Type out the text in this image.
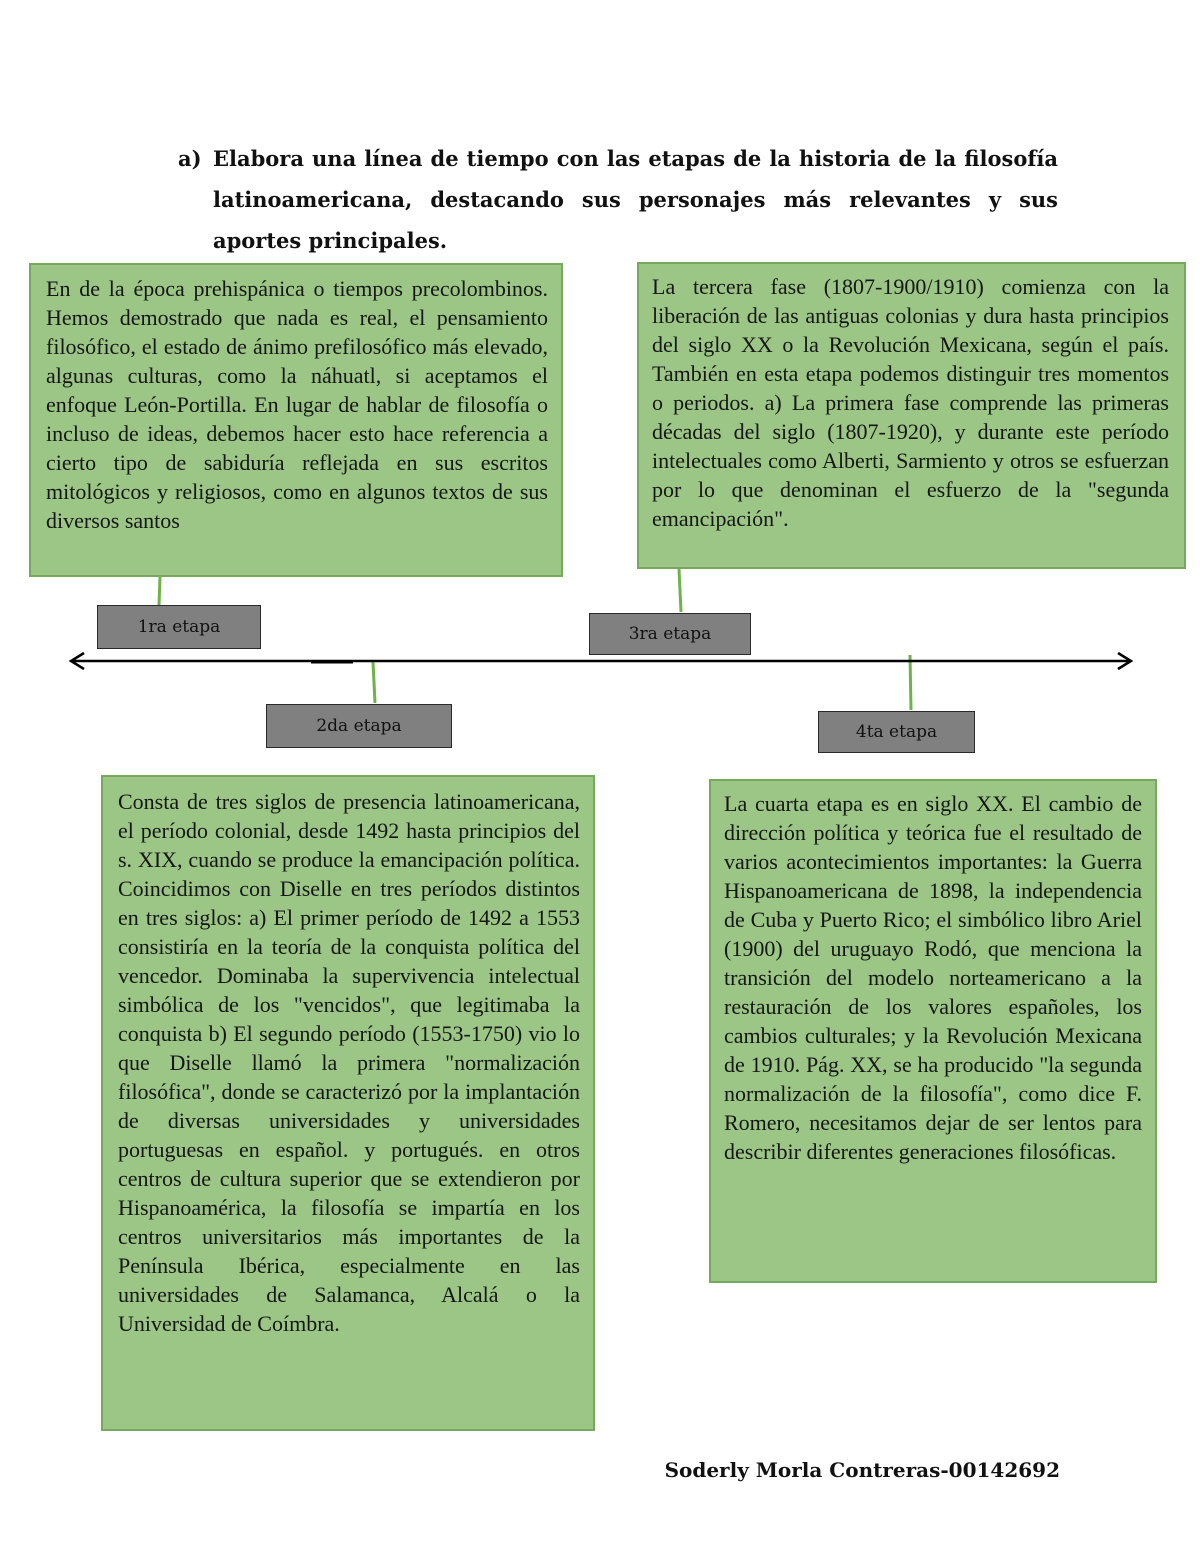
a) Elabora una línea de tiempo con las etapas de la historia de la filosofía latinoamericana, destacando sus personajes más relevantes y sus aportes principales.
En de la época prehispánica o tiempos precolombinos. Hemos demostrado que nada es real, el pensamiento filosófico, el estado de ánimo prefilosófico más elevado, algunas culturas, como la náhuatl, si aceptamos el enfoque León-Portilla. En lugar de hablar de filosofía o incluso de ideas, debemos hacer esto hace referencia a cierto tipo de sabiduría reflejada en sus escritos mitológicos y religiosos, como en algunos textos de sus diversos santos
La tercera fase (1807-1900/1910) comienza con la liberación de las antiguas colonias y dura hasta principios del siglo XX o la Revolución Mexicana, según el país. También en esta etapa podemos distinguir tres momentos o periodos. a) La primera fase comprende las primeras décadas del siglo (1807-1920), y durante este período intelectuales como Alberti, Sarmiento y otros se esfuerzan por lo que denominan el esfuerzo de la "segunda emancipación".
1ra etapa	3ra etapa
2da etapa	4ta etapa
Consta de tres siglos de presencia latinoamericana, el período colonial, desde 1492 hasta principios del s. XIX, cuando se produce la emancipación política. Coincidimos con Diselle en tres períodos distintos en tres siglos: a) El primer período de 1492 a 1553 consistiría en la teoría de la conquista política del vencedor. Dominaba la supervivencia intelectual simbólica de los "vencidos", que legitimaba la conquista b) El segundo período (1553-1750) vio lo que Diselle llamó la primera "normalización filosófica", donde se caracterizó por la implantación de diversas universidades y universidades portuguesas en español. y portugués. en otros centros de cultura superior que se extendieron por Hispanoamérica, la filosofía se impartía en los centros universitarios más importantes de la Península Ibérica, especialmente en las universidades de Salamanca, Alcalá o la Universidad de Coímbra.
La cuarta etapa es en siglo XX. El cambio de dirección política y teórica fue el resultado de varios acontecimientos importantes: la Guerra Hispanoamericana de 1898, la independencia de Cuba y Puerto Rico; el simbólico libro Ariel (1900) del uruguayo Rodó, que menciona la transición del modelo norteamericano a la restauración de los valores españoles, los cambios culturales; y la Revolución Mexicana de 1910. Pág. XX, se ha producido "la segunda normalización de la filosofía", como dice F. Romero, necesitamos dejar de ser lentos para describir diferentes generaciones filosóficas.
Soderly Morla Contreras-00142692
